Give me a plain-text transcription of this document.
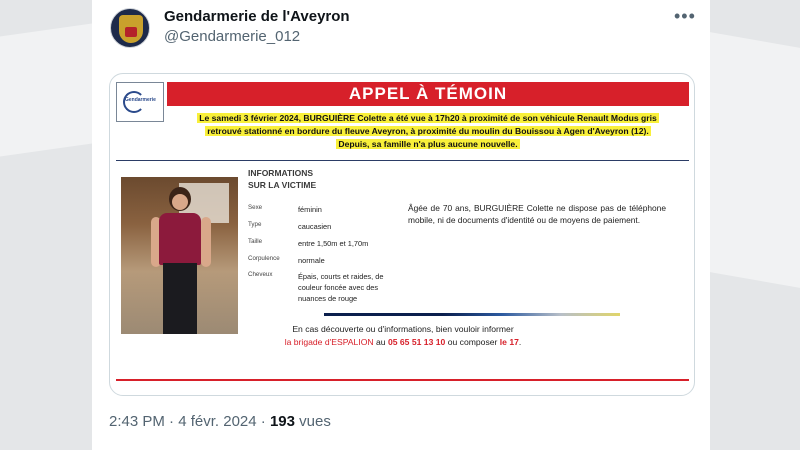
Gendarmerie de l'Aveyron
@Gendarmerie_012
•••
Gendarmerie	APPEL À TÉMOIN
Le samedi 3 février 2024, BURGUIÈRE Colette a été vue à 17h20 à proximité de son véhicule Renault Modus gris
retrouvé stationné en bordure du fleuve Aveyron, à proximité du moulin du Bouissou à Agen d'Aveyron (12).
Depuis, sa famille n'a plus aucune nouvelle.
INFORMATIONS
SUR LA VICTIME
Sexe	féminin
Type	caucasien
Taille	entre 1,50m et 1,70m
Corpulence	normale
Cheveux	Épais, courts et raides, de couleur foncée avec des nuances de rouge
Âgée de 70 ans, BURGUIÈRE Colette ne dispose pas de téléphone mobile, ni de documents d'identité ou de moyens de paiement.
En cas découverte ou d'informations, bien vouloir informer
la brigade d'ESPALION au 05 65 51 13 10 ou composer le 17.
2:43 PM · 4 févr. 2024 · 193 vues
